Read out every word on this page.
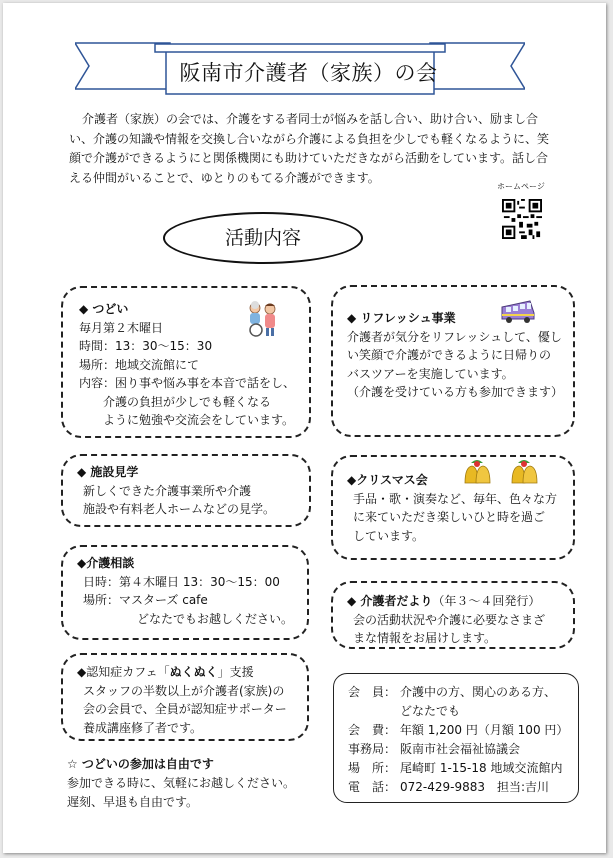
阪南市介護者（家族）の会
介護者（家族）の会では、介護をする者同士が悩みを話し合い、助け合い、励まし合い、介護の知識や情報を交換し合いながら介護による負担を少しでも軽くなるように、笑顔で介護ができるようにと関係機関にも助けていただきながら活動をしています。話し合える仲間がいることで、ゆとりのもてる介護ができます。
ホームページ
活動内容
◆ つどい
毎月第２木曜日
時間：13：30～15：30
場所：地域交流館にて
内容：困り事や悩み事を本音で話をし、
介護の負担が少しでも軽くなる
ように勉強や交流会をしています。
◆ リフレッシュ事業
介護者が気分をリフレッシュして、優し
い笑顔で介護ができるように日帰りの
バスツアーを実施しています。
（介護を受けている方も参加できます）
◆ 施設見学
新しくできた介護事業所や介護
施設や有料老人ホームなどの見学。
◆クリスマス会
手品・歌・演奏など、毎年、色々な方
に来ていただき楽しいひと時を過ご
しています。
◆介護相談
日時：第４木曜日 13：30～15：00
場所：マスターズ cafe
どなたでもお越しください。
◆ 介護者だより（年３～４回発行）
会の活動状況や介護に必要なさまざ
まな情報をお届けします。
◆認知症カフェ「ぬくぬく」支援
スタッフの半数以上が介護者(家族)の
会の会員で、全員が認知症サポーター
養成講座修了者です。
☆ つどいの参加は自由です
参加できる時に、気軽にお越しください。
遅刻、早退も自由です。
会　員： 介護中の方、関心のある方、
どなたでも
会　費： 年額 1,200 円（月額 100 円）
事務局： 阪南市社会福祉協議会
場　所： 尾崎町 1-15-18 地域交流館内
電　話： 072-429-9883　担当:吉川
